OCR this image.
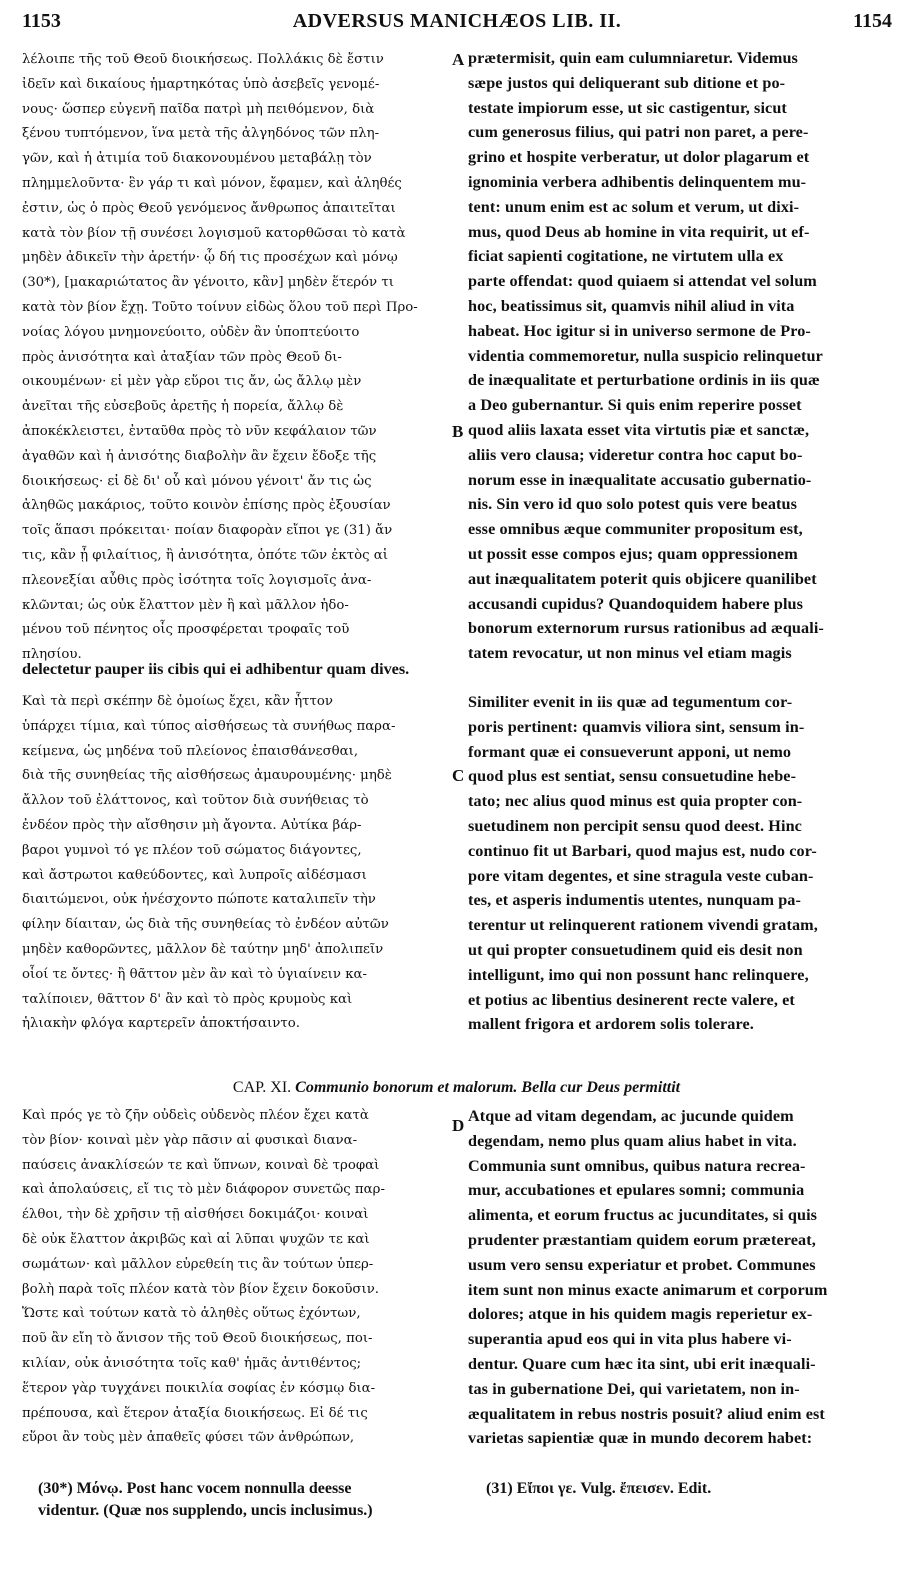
1153	ADVERSUS MANICHÆOS LIB. II.	1154
λέλοιπε τῆς τοῦ Θεοῦ διοικήσεως. Πολλάκις δὲ ἔστιν
ἰδεῖν καὶ δικαίους ἡμαρτηκότας ὑπὸ ἀσεβεῖς γενομέ-
νους· ὥσπερ εὐγενῆ παῖδα πατρὶ μὴ πειθόμενον, διὰ
ξένου τυπτόμενον, ἵνα μετὰ τῆς ἀλγηδόνος τῶν πλη-
γῶν, καὶ ἡ ἀτιμία τοῦ διακονουμένου μεταβάλῃ τὸν
πλημμελοῦντα· ἓν γάρ τι καὶ μόνον, ἔφαμεν, καὶ ἀληθές
ἐστιν, ὡς ὁ πρὸς Θεοῦ γενόμενος ἄνθρωπος ἀπαιτεῖται
κατὰ τὸν βίον τῇ συνέσει λογισμοῦ κατορθῶσαι τὸ κατὰ
μηδὲν ἀδικεῖν τὴν ἀρετήν· ᾧ δή τις προσέχων καὶ μόνῳ
(30*), [μακαριώτατος ἂν γένοιτο, κἂν] μηδὲν ἕτερόν τι
κατὰ τὸν βίον ἔχῃ. Τοῦτο τοίνυν εἰδὼς ὅλου τοῦ περὶ Προ-
νοίας λόγου μνημονεύοιτο, οὐδὲν ἂν ὑποπτεύοιτο
πρὸς ἀνισότητα καὶ ἀταξίαν τῶν πρὸς Θεοῦ δι-
οικουμένων· εἰ μὲν γὰρ εὕροι τις ἄν, ὡς ἄλλῳ μὲν
ἀνεῖται τῆς εὐσεβοῦς ἀρετῆς ἡ πορεία, ἄλλῳ δὲ
ἀποκέκλειστει, ἐνταῦθα πρὸς τὸ νῦν κεφάλαιον τῶν
ἀγαθῶν καὶ ἡ ἀνισότης διαβολὴν ἂν ἔχειν ἔδοξε τῆς
διοικήσεως· εἰ δὲ δι' οὗ καὶ μόνου γένοιτ' ἄν τις ὡς
ἀληθῶς μακάριος, τοῦτο κοινὸν ἐπίσης πρὸς ἐξουσίαν
τοῖς ἅπασι πρόκειται· ποίαν διαφορὰν εἴποι γε (31) ἄν
τις, κἂν ᾖ φιλαίτιος, ἢ ἀνισότητα, ὁπότε τῶν ἐκτὸς αἱ
πλεονεξίαι αὖθις πρὸς ἰσότητα τοῖς λογισμοῖς ἀνα-
κλῶνται; ὡς οὐκ ἔλαττον μὲν ἢ καὶ μᾶλλον ἡδο-
μένου τοῦ πένητος οἷς προσφέρεται τροφαῖς τοῦ
πλησίου.
prætermisit, quin eam culumniaretur. Videmus
sæpe justos qui deliquerant sub ditione et po-
testate impiorum esse, ut sic castigentur, sicut
cum generosus filius, qui patri non paret, a pere-
grino et hospite verberatur, ut dolor plagarum et
ignominia verbera adhibentis delinquentem mu-
tent: unum enim est ac solum et verum, ut dixi-
mus, quod Deus ab homine in vita requirit, ut ef-
ficiat sapienti cogitatione, ne virtutem ulla ex
parte offendat: quod quiaem si attendat vel solum
hoc, beatissimus sit, quamvis nihil aliud in vita
habeat. Hoc igitur si in universo sermone de Pro-
videntia commemoretur, nulla suspicio relinquetur
de inæqualitate et perturbatione ordinis in iis quæ
a Deo gubernantur. Si quis enim reperire posset
quod aliis laxata esset vita virtutis piæ et sanctæ,
aliis vero clausa; videretur contra hoc caput bo-
norum esse in inæqualitate accusatio gubernatio-
nis. Sin vero id quo solo potest quis vere beatus
esse omnibus æque communiter propositum est,
ut possit esse compos ejus; quam oppressionem
aut inæqualitatem poterit quis objicere quanilibet
accusandi cupidus? Quandoquidem habere plus
bonorum externorum rursus rationibus ad æquali-
tatem revocatur, ut non minus vel etiam magis
A
B
delectetur pauper iis cibis qui ei adhibentur quam dives.
Καὶ τὰ περὶ σκέπην δὲ ὁμοίως ἔχει, κἂν ἧττον
ὑπάρχει τίμια, καὶ τύπος αἰσθήσεως τὰ συνήθως παρα-
κείμενα, ὡς μηδένα τοῦ πλείονος ἐπαισθάνεσθαι,
διὰ τῆς συνηθείας τῆς αἰσθήσεως ἀμαυρουμένης· μηδὲ
ἄλλον τοῦ ἐλάττονος, καὶ τοῦτον διὰ συνήθειας τὸ
ἐνδέον πρὸς τὴν αἴσθησιν μὴ ἄγοντα. Αὐτίκα βάρ-
βαροι γυμνοὶ τό γε πλέον τοῦ σώματος διάγοντες,
καὶ ἄστρωτοι καθεύδοντες, καὶ λυπροῖς αἰδέσμασι
διαιτώμενοι, οὐκ ἠνέσχοντο πώποτε καταλιπεῖν τὴν
φίλην δίαιταν, ὡς διὰ τῆς συνηθείας τὸ ἐνδέον αὐτῶν
μηδὲν καθορῶντες, μᾶλλον δὲ ταύτην μηδ' ἀπολιπεῖν
οἷοί τε ὄντες· ἢ θᾶττον μὲν ἂν καὶ τὸ ὑγιαίνειν κα-
ταλίποιεν, θᾶττον δ' ἂν καὶ τὸ πρὸς κρυμοὺς καὶ
ἡλιακὴν φλόγα καρτερεῖν ἀποκτήσαιντο.
Similiter evenit in iis quæ ad tegumentum cor-
poris pertinent: quamvis viliora sint, sensum in-
formant quæ ei consueverunt apponi, ut nemo
quod plus est sentiat, sensu consuetudine hebe-
tato; nec alius quod minus est quia propter con-
suetudinem non percipit sensu quod deest. Hinc
continuo fit ut Barbari, quod majus est, nudo cor-
pore vitam degentes, et sine stragula veste cuban-
tes, et asperis indumentis utentes, nunquam pa-
terentur ut relinquerent rationem vivendi gratam,
ut qui propter consuetudinem quid eis desit non
intelligunt, imo qui non possunt hanc relinquere,
et potius ac libentius desinerent recte valere, et
mallent frigora et ardorem solis tolerare.
C
CAP. XI. Communio bonorum et malorum. Bella cur Deus permittit
Καὶ πρός γε τὸ ζῆν οὐδεὶς οὐδενὸς πλέον ἔχει κατὰ
τὸν βίον· κοιναὶ μὲν γὰρ πᾶσιν αἱ φυσικαὶ διανα-
παύσεις ἀνακλίσεών τε καὶ ὕπνων, κοιναὶ δὲ τροφαὶ
καὶ ἀπολαύσεις, εἴ τις τὸ μὲν διάφορον συνετῶς παρ-
έλθοι, τὴν δὲ χρῆσιν τῇ αἰσθήσει δοκιμάζοι· κοιναὶ
δὲ οὐκ ἔλαττον ἀκριβῶς καὶ αἱ λῦπαι ψυχῶν τε καὶ
σωμάτων· καὶ μᾶλλον εὑρεθείη τις ἂν τούτων ὑπερ-
βολὴ παρὰ τοῖς πλέον κατὰ τὸν βίον ἔχειν δοκοῦσιν.
Ὥστε καὶ τούτων κατὰ τὸ ἀληθὲς οὕτως ἐχόντων,
ποῦ ἂν εἴη τὸ ἄνισον τῆς τοῦ Θεοῦ διοικήσεως, ποι-
κιλίαν, οὐκ ἀνισότητα τοῖς καθ' ἡμᾶς ἀντιθέντος;
ἕτερον γὰρ τυγχάνει ποικιλία σοφίας ἐν κόσμῳ δια-
πρέπουσα, καὶ ἕτερον ἀταξία διοικήσεως. Εἰ δέ τις
εὕροι ἂν τοὺς μὲν ἀπαθεῖς φύσει τῶν ἀνθρώπων,
Atque ad vitam degendam, ac jucunde quidem
degendam, nemo plus quam alius habet in vita.
Communia sunt omnibus, quibus natura recrea-
mur, accubationes et epulares somni; communia
alimenta, et eorum fructus ac jucunditates, si quis
prudenter præstantiam quidem eorum prætereat,
usum vero sensu experiatur et probet. Communes
item sunt non minus exacte animarum et corporum
dolores; atque in his quidem magis reperietur ex-
superantia apud eos qui in vita plus habere vi-
dentur. Quare cum hæc ita sint, ubi erit inæquali-
tas in gubernatione Dei, qui varietatem, non in-
æqualitatem in rebus nostris posuit? aliud enim est
varietas sapientiæ quæ in mundo decorem habet:
D
(30*) Μόνῳ. Post hanc vocem nonnulla deesse
videntur. (Quæ nos supplendo, uncis inclusimus.)
(31) Εἴποι γε. Vulg. ἔπεισεν. Edit.
